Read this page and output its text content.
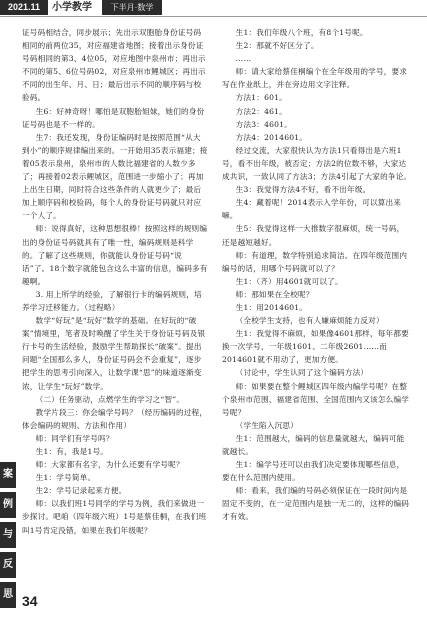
2021.11	小学教学	下半月·数学

证号码相结合，同步展示；先出示双胞胎身份证号码相同的前两位35，对应福建省地图；接着出示身份证号码相同的第3、4位05，对应地图中泉州市；再出示不同的第5、6位号码02，对应泉州市鲤城区；再出示不同的出生年、月、日；最后出示不同的顺序码与校验码。

生6：好神奇呀！哪怕是双胞胎姐妹，她们的身份证号码也是不一样的。

生7：我还发现，身份证编码时是按照范围“从大到小”的顺序规律编出来的。一开始用35表示福建；接着05表示泉州，泉州市的人数比福建省的人数少多了；再接着02表示鲤城区，范围进一步缩小了；再加上出生日期，同时符合这些条件的人就更少了；最后加上顺序码和校验码，每个人的身份证号码就只对应一个人了。

师：说得真好，这种思想很棒！按照这样的规则编出的身份证号码就具有了唯一性，编码规则是科学的。了解了这些规则，你就能认身份证号码“说话”了。18个数字就能包含这么丰富的信息，编码多有趣啊。

3. 用上所学的经验，了解银行卡的编码规则，培养学习迁移能力。（过程略）

数学“好玩”是“玩好”数学的基础。在好玩的“破案”情境里，笔者及时唤醒了学生关于身份证号码及银行卡号的生活经验，鼓励学生帮助探长“破案”。提出问题“全国那么多人，身份证号码会不会重复”，逐步把学生的思考引向深入，让数学课“思”的味道逐渐变浓，让学生“玩好”数学。

（二）任务驱动，点燃学生的学习之“智”。

教学片段三：你会编学号吗？（经历编码的过程，体会编码的规则、方法和作用）

师：同学们有学号吗？

生1：有，我是1号。

师：大家都有名字，为什么还要有学号呢？

生1：学号简单。

生2：学号记录起来方便。

师：以我们班1号同学的学号为例，我们来做进一步探讨。吧咱（四年级六班）1号是蔡佳桐，在我们班叫1号肯定没错，如果在我们年级呢？

生1：我们年级八个班，有8个1号呢。

生2：那就不好区分了。

……

师：请大家给蔡佳桐编个在全年级用的学号，要求写在作业纸上，并在旁边用文字注释。

方法1：601。

方法2：461。

方法3：4601。

方法4：2014601。

经过交流，大家很快认为方法1只看得出是六班1号，看不出年级，被否定；方法2的位数不够，大家达成共识，一致认同了方法3；方法4引起了大家的争论。

生3：我觉得方法4不好，看不出年级。

生4：藏着呢！2014表示入学年份，可以算出来嘛。

生5：我觉得这样一大推数字很麻烦，统一号码，还是越短越好。

师：有道理，数学特别追求简洁。在四年级范围内编号的话，用哪个号码就可以了？

生1：（齐）用4601就可以了。

师：那如果在全校呢？

生1：用2014601。

（全校学生支持，也有人嫌麻烦能力反对）

生1：我觉得不麻烦，如果像4601那样，每年都要换一次学号，一年级1601、二年级2601……而2014601就不用动了，更加方便。

（讨论中，学生认同了这个编码方法）

师：如果要在整个鲤城区四年级内编学号呢？在整个泉州市范围、福建省范围、全国范围内又该怎么编学号呢？

（学生陷入沉思）

生1：范围越大，编码的信息量就越大，编码可能就越长。

生1：编学号还可以由我们决定要体现哪些信息，要在什么范围内使用。

师：看来，我们编的号码必须保证在一段时间内是固定不变的，在一定范围内是独一无二的，这样的编码才有效。

案
例
与
反
思 34
